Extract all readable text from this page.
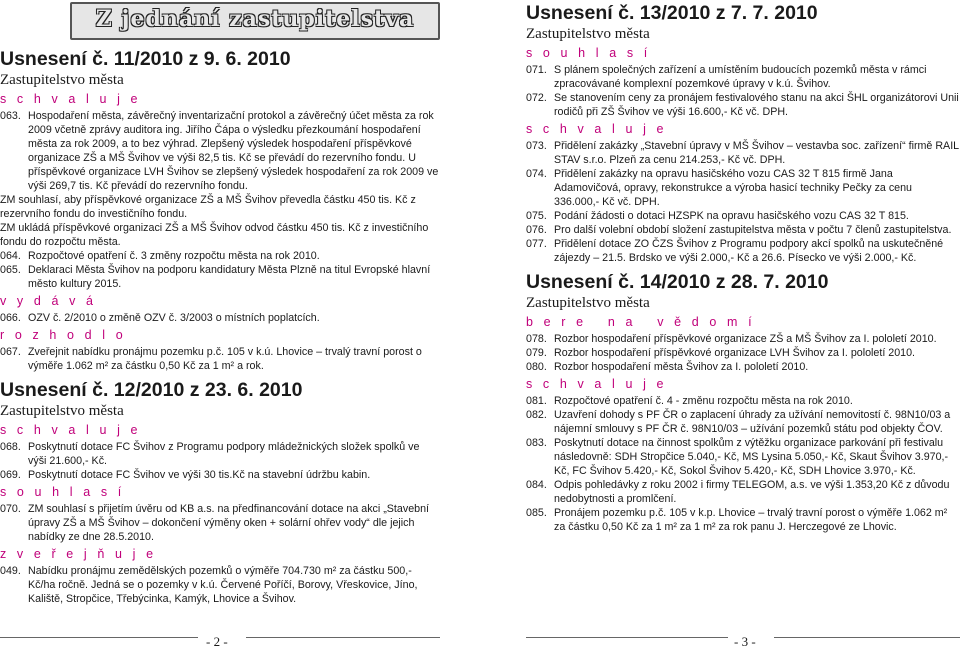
Z jednání zastupitelstva
Usnesení č. 11/2010 z 9. 6. 2010
Zastupitelstvo města
s c h v a l u j e
063. Hospodaření města, závěrečný inventarizační protokol a závěrečný účet města za rok 2009 včetně zprávy auditora ing. Jiřího Čápa o výsledku přezkoumání hospodaření města za rok 2009, a to bez výhrad. Zlepšený výsledek hospodaření příspěvkové organizace ZŠ a MŠ Švihov ve výši 82,5 tis. Kč se převádí do rezervního fondu. U příspěvkové organizace LVH Švihov se zlepšený výsledek hospodaření za rok 2009 ve výši 269,7 tis. Kč převádí do rezervního fondu.
ZM souhlasí, aby příspěvkové organizace ZŠ a MŠ Švihov převedla částku 450 tis. Kč z rezervního fondu do investičního fondu.
ZM ukládá příspěvkové organizaci ZŠ a MŠ Švihov odvod částku 450 tis. Kč z investičního fondu do rozpočtu města.
064. Rozpočtové opatření č. 3 změny rozpočtu města na rok 2010.
065. Deklaraci Města Švihov na podporu kandidatury Města Plzně na titul Evropské hlavní město kultury 2015.
v y d á v á
066. OZV č. 2/2010 o změně OZV č. 3/2003 o místních poplatcích.
r o z h o d l o
067. Zveřejnit nabídku pronájmu pozemku p.č. 105 v k.ú. Lhovice – trvalý travní porost o výměře 1.062 m² za částku 0,50 Kč za 1 m² a rok.
Usnesení č. 12/2010 z 23. 6. 2010
Zastupitelstvo města
s c h v a l u j e
068. Poskytnutí dotace FC Švihov z Programu podpory mládežnických složek spolků ve výši 21.600,- Kč.
069. Poskytnutí dotace FC Švihov ve výši 30 tis.Kč na stavební údržbu kabin.
s o u h l a s í
070. ZM souhlasí s přijetím úvěru od KB a.s. na předfinancování dotace na akci „Stavební úpravy ZŠ a MŠ Švihov – dokončení výměny oken + solární ohřev vody“ dle jejich nabídky ze dne 28.5.2010.
z v e ř e j ň u j e
049. Nabídku pronájmu zemědělských pozemků o výměře 704.730 m² za částku 500,- Kč/ha ročně. Jedná se o pozemky v k.ú. Červené Poříčí, Borovy, Vřeskovice, Jíno, Kaliště, Stropčice, Třebýcinka, Kamýk, Lhovice a Švihov.
Usnesení č. 13/2010 z 7. 7. 2010
Zastupitelstvo města
s o u h l a s í
071. S plánem společných zařízení a umístěním budoucích pozemků města v rámci zpracovávané komplexní pozemkové úpravy v k.ú. Švihov.
072. Se stanovením ceny za pronájem festivalového stanu na akci ŠHL organizátorovi Unii rodičů při ZŠ Švihov ve výši 16.600,- Kč vč. DPH.
s c h v a l u j e
073. Přidělení zakázky „Stavební úpravy v MŠ Švihov – vestavba soc. zařízení“ firmě RAIL STAV s.r.o. Plzeň za cenu 214.253,- Kč vč. DPH.
074. Přidělení zakázky na opravu hasičského vozu CAS 32 T 815 firmě Jana Adamovičová, opravy, rekonstrukce a výroba hasicí techniky Pečky za cenu 336.000,- Kč vč. DPH.
075. Podání žádosti o dotaci HZSPK na opravu hasičského vozu CAS 32 T 815.
076. Pro další volební období složení zastupitelstva města v počtu 7 členů zastupitelstva.
077. Přidělení dotace ZO ČZS Švihov z Programu podpory akcí spolků na uskutečněné zájezdy – 21.5. Brdsko ve výši 2.000,- Kč a 26.6. Písecko ve výši 2.000,- Kč.
Usnesení č. 14/2010 z 28. 7. 2010
Zastupitelstvo města
b e r e   n a   v ě d o m í
078. Rozbor hospodaření příspěvkové organizace ZŠ a MŠ Švihov za I. pololetí 2010.
079. Rozbor hospodaření příspěvkové organizace LVH Švihov za I. pololetí 2010.
080. Rozbor hospodaření města Švihov za I. pololetí 2010.
s c h v a l u j e
081. Rozpočtové opatření č. 4 - změnu rozpočtu města na rok 2010.
082. Uzavření dohody s PF ČR o zaplacení úhrady za užívání nemovitostí č. 98N10/03 a nájemní smlouvy s PF ČR č. 98N10/03 – užívání pozemků státu pod objekty ČOV.
083. Poskytnutí dotace na činnost spolkům z výtěžku organizace parkování při festivalu následovně: SDH Stropčice 5.040,- Kč, MS Lysina 5.050,- Kč, Skaut Švihov 3.970,- Kč, FC Švihov 5.420,- Kč, Sokol Švihov 5.420,- Kč, SDH Lhovice 3.970,- Kč.
084. Odpis pohledávky z roku 2002 i firmy TELEGOM, a.s. ve výši 1.353,20 Kč z důvodu nedobytnosti a promlčení.
085. Pronájem pozemku p.č. 105 v k.p. Lhovice – trvalý travní porost o výměře 1.062 m² za částku 0,50 Kč za 1 m² za 1 m² za rok panu J. Herczegové ze Lhovic.
- 2 -	- 3 -
